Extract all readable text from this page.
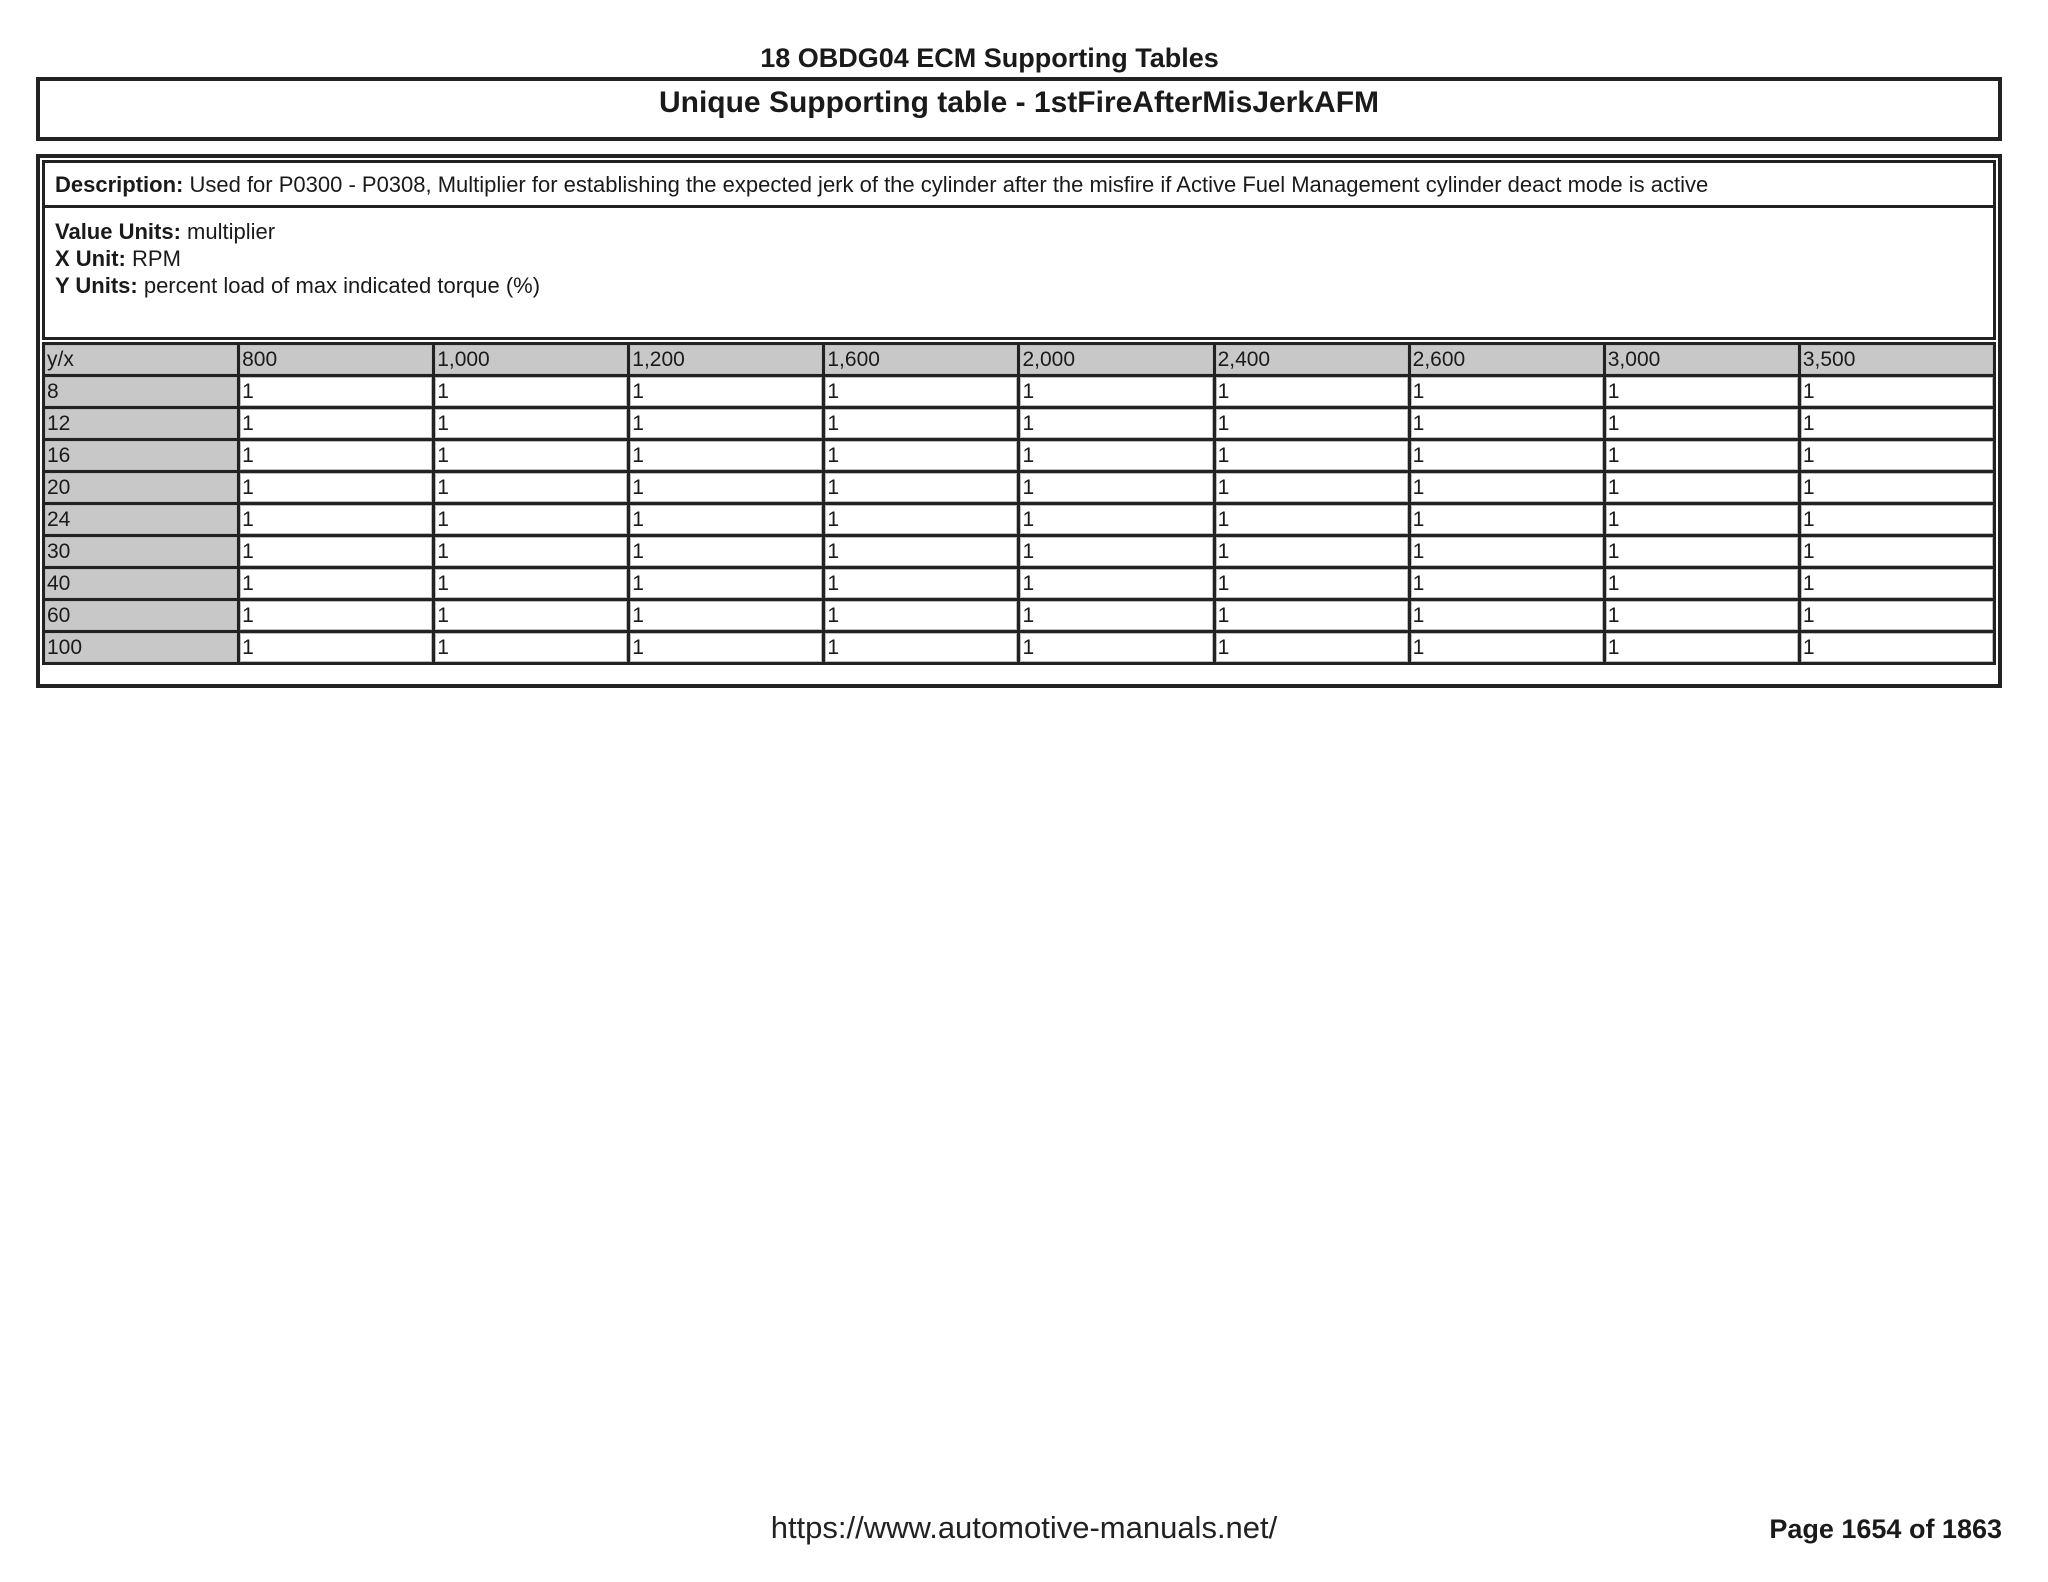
18 OBDG04 ECM Supporting Tables
Unique Supporting table - 1stFireAfterMisJerkAFM
Description: Used for P0300 - P0308, Multiplier for establishing the expected jerk of the cylinder after the misfire if Active Fuel Management cylinder deact mode is active
Value Units: multiplier
X Unit: RPM
Y Units: percent load of max indicated torque (%)
y/x	800	1,000	1,200	1,600	2,000	2,400	2,600	3,000	3,500
8	1	1	1	1	1	1	1	1	1
12	1	1	1	1	1	1	1	1	1
16	1	1	1	1	1	1	1	1	1
20	1	1	1	1	1	1	1	1	1
24	1	1	1	1	1	1	1	1	1
30	1	1	1	1	1	1	1	1	1
40	1	1	1	1	1	1	1	1	1
60	1	1	1	1	1	1	1	1	1
100	1	1	1	1	1	1	1	1	1
https://www.automotive-manuals.net/	Page 1654 of 1863
